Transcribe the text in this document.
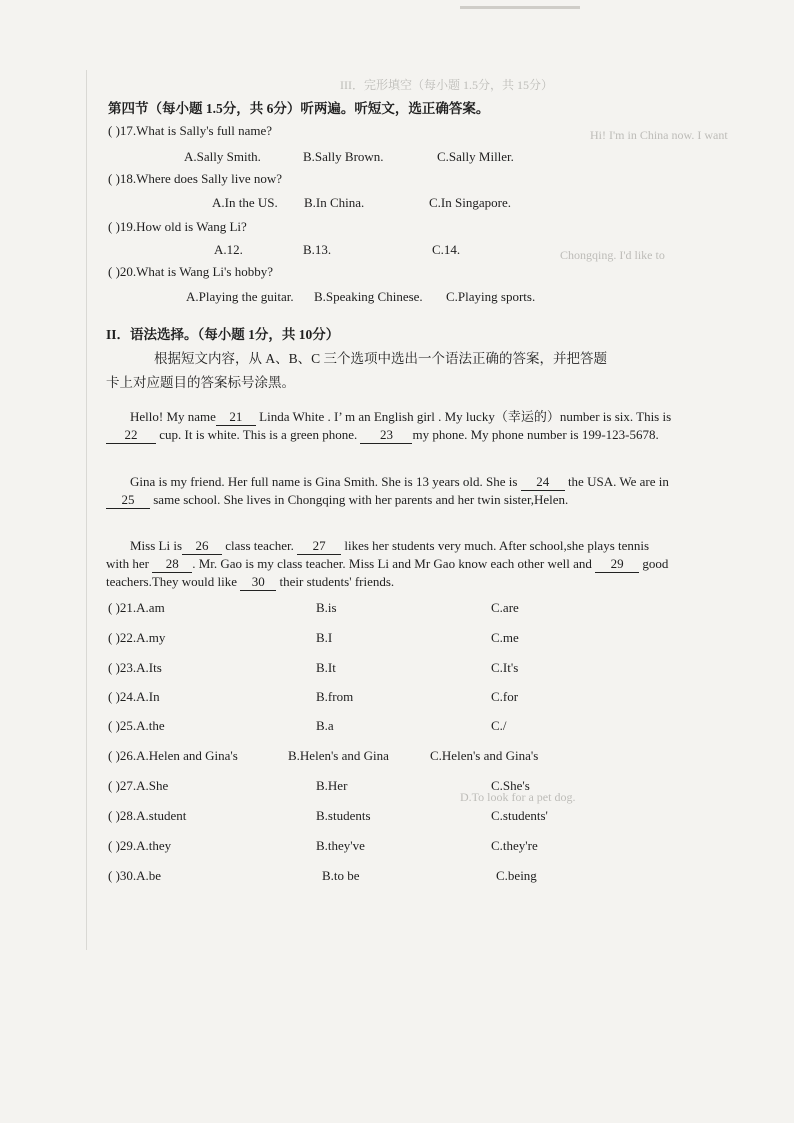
III．完形填空（每小题 1.5分，共 15分）
Hi! I'm in China now. I want
Chongqing. I'd like to
D.To look for a pet dog.
第四节（每小题 1.5分，共 6分）听两遍。听短文，选正确答案。
( )17.What is Sally's full name?
A.Sally Smith.	B.Sally Brown.	C.Sally Miller.
( )18.Where does Sally live now?
A.In the US. B.In China.	C.In Singapore.
( )19.How old is Wang Li?
A.12.	B.13.	C.14.
( )20.What is Wang Li's hobby?
A.Playing the guitar. B.Speaking Chinese. C.Playing sports.
II．语法选择。（每小题 1分，共 10分）
根据短文内容，从 A、B、C 三个选项中选出一个语法正确的答案，并把答题
卡上对应题目的答案标号涂黑。
Hello! My name 21 Linda White . I’ m an English girl . My lucky（幸运的）number is six. This is 22 cup. It is white. This is a green phone. 23 my phone. My phone number is 199-123-5678.
Gina is my friend. Her full name is Gina Smith. She is 13 years old. She is 24 the USA. We are in 25 same school. She lives in Chongqing with her parents and her twin sister,Helen.
Miss Li is 26 class teacher. 27 likes her students very much. After school,she plays tennis with her 28 . Mr. Gao is my class teacher. Miss Li and Mr Gao know each other well and 29 good teachers.They would like 30 their students' friends.
( )21.A.am	B.is	C.are
( )22.A.my	B.I	C.me
( )23.A.Its	B.It	C.It's
( )24.A.In	B.from	C.for
( )25.A.the	B.a	C./
( )26.A.Helen and Gina's	B.Helen's and Gina	C.Helen's and Gina's
( )27.A.She	B.Her	C.She's
( )28.A.student	B.students	C.students'
( )29.A.they	B.they've	C.they're
( )30.A.be	B.to be	C.being
